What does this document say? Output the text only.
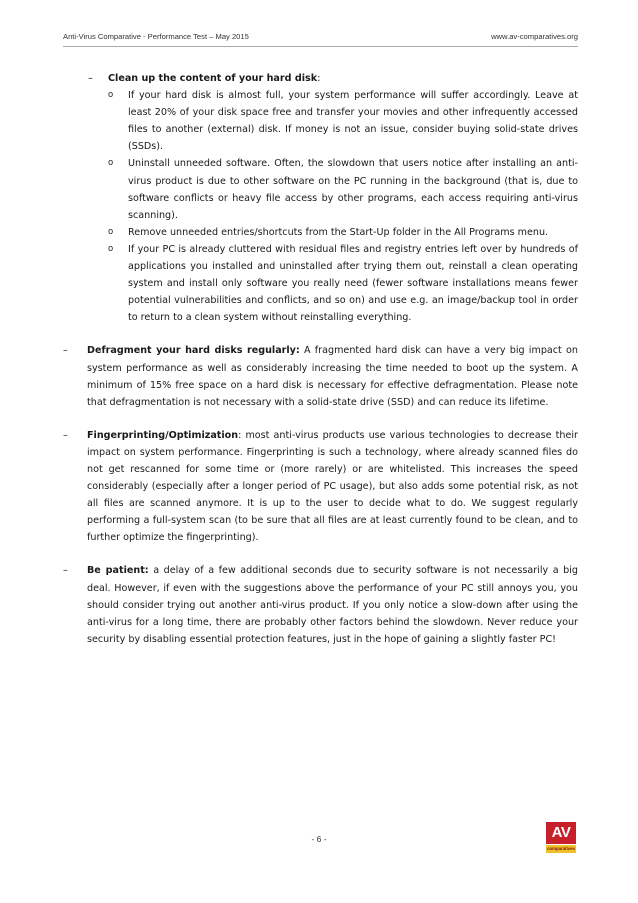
Anti-Virus Comparative - Performance Test – May 2015	www.av-comparatives.org
– Clean up the content of your hard disk:
o If your hard disk is almost full, your system performance will suffer accordingly. Leave at least 20% of your disk space free and transfer your movies and other infrequently accessed files to another (external) disk. If money is not an issue, consider buying solid-state drives (SSDs).
o Uninstall unneeded software. Often, the slowdown that users notice after installing an anti-virus product is due to other software on the PC running in the background (that is, due to software conflicts or heavy file access by other programs, each access requiring anti-virus scanning).
o Remove unneeded entries/shortcuts from the Start-Up folder in the All Programs menu.
o If your PC is already cluttered with residual files and registry entries left over by hundreds of applications you installed and uninstalled after trying them out, reinstall a clean operating system and install only software you really need (fewer software installations means fewer potential vulnerabilities and conflicts, and so on) and use e.g. an image/backup tool in order to return to a clean system without reinstalling everything.
– Defragment your hard disks regularly: A fragmented hard disk can have a very big impact on system performance as well as considerably increasing the time needed to boot up the system. A minimum of 15% free space on a hard disk is necessary for effective defragmentation. Please note that defragmentation is not necessary with a solid-state drive (SSD) and can reduce its lifetime.
– Fingerprinting/Optimization: most anti-virus products use various technologies to decrease their impact on system performance. Fingerprinting is such a technology, where already scanned files do not get rescanned for some time or (more rarely) or are whitelisted. This increases the speed considerably (especially after a longer period of PC usage), but also adds some potential risk, as not all files are scanned anymore. It is up to the user to decide what to do. We suggest regularly performing a full-system scan (to be sure that all files are at least currently found to be clean, and to further optimize the fingerprinting).
– Be patient: a delay of a few additional seconds due to security software is not necessarily a big deal. However, if even with the suggestions above the performance of your PC still annoys you, you should consider trying out another anti-virus product. If you only notice a slow-down after using the anti-virus for a long time, there are probably other factors behind the slowdown. Never reduce your security by disabling essential protection features, just in the hope of gaining a slightly faster PC!
- 6 -	AV
comparatives
